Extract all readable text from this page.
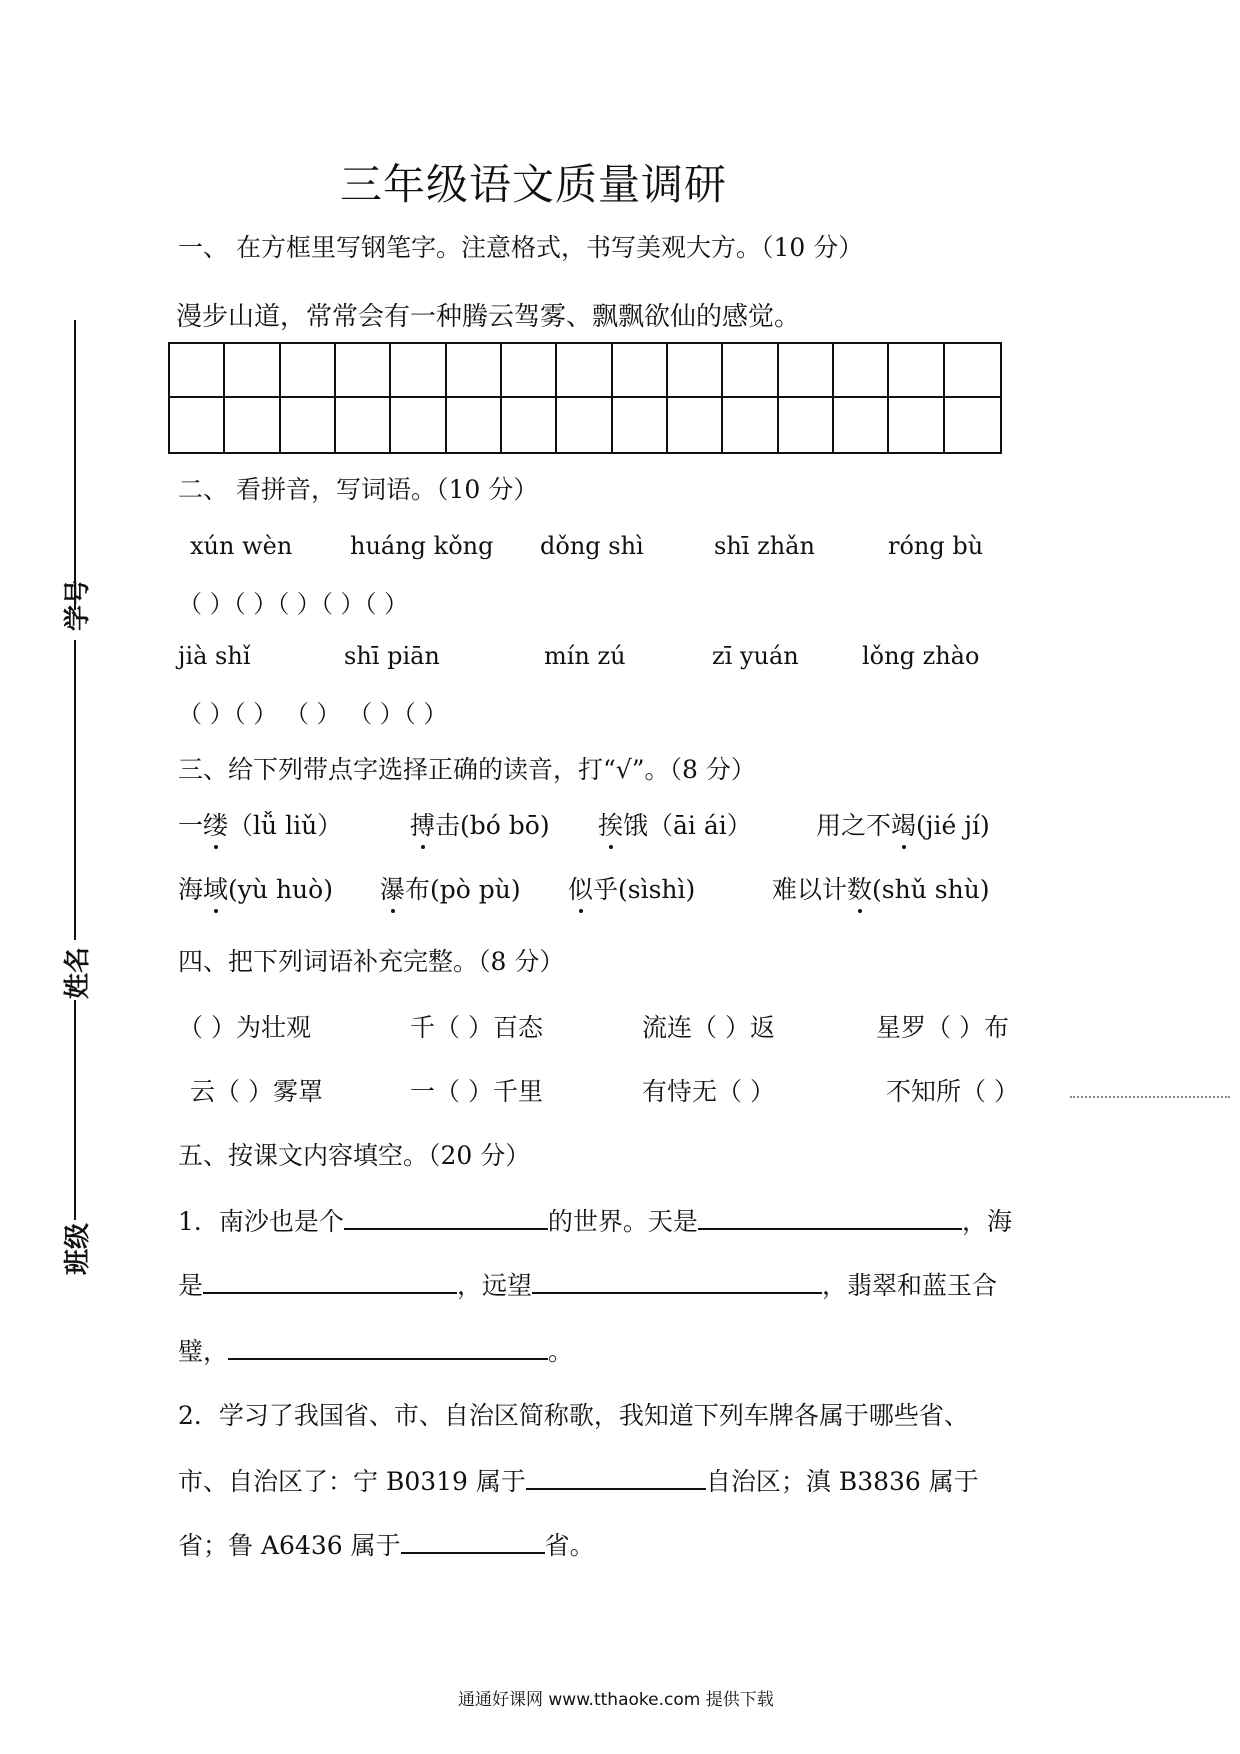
三年级语文质量调研
学号
姓名
班级
一、 在方框里写钢笔字。注意格式，书写美观大方。（10 分）
漫步山道，常常会有一种腾云驾雾、飘飘欲仙的感觉。
二、 看拼音，写词语。（10 分）
xún wèn huáng kǒng dǒng shì	shī zhǎn	róng bù
（ ）（ ）（ ）（ ）（ ）
jià shǐ	shī piān	mín zú	zī yuán	lǒng zhào
（ ）（ ） （ ） （ ）（ ）
三、给下列带点字选择正确的读音，打“√”。（8 分）
一缕（lǚ liǔ）	搏击(bó bō) 挨饿（āi ái）	用之不竭(jié jí)
海域(yù huò) 瀑布(pò pù) 似乎(sìshì)	难以计数(shǔ shù)
四、把下列词语补充完整。（8 分）
（ ）为壮观	千（ ）百态	流连（ ）返	星罗（ ）布
云（ ）雾罩	一（ ）千里	有恃无（ ）	不知所（ ）
五、按课文内容填空。（20 分）
1．南沙也是个	的世界。天是	，海
是	，远望	，翡翠和蓝玉合
璧，	。
2．学习了我国省、市、自治区简称歌，我知道下列车牌各属于哪些省、
市、自治区了：宁 B0319 属于	自治区；滇 B3836 属于
省；鲁 A6436 属于	省。
通通好课网 www.tthaoke.com 提供下载
